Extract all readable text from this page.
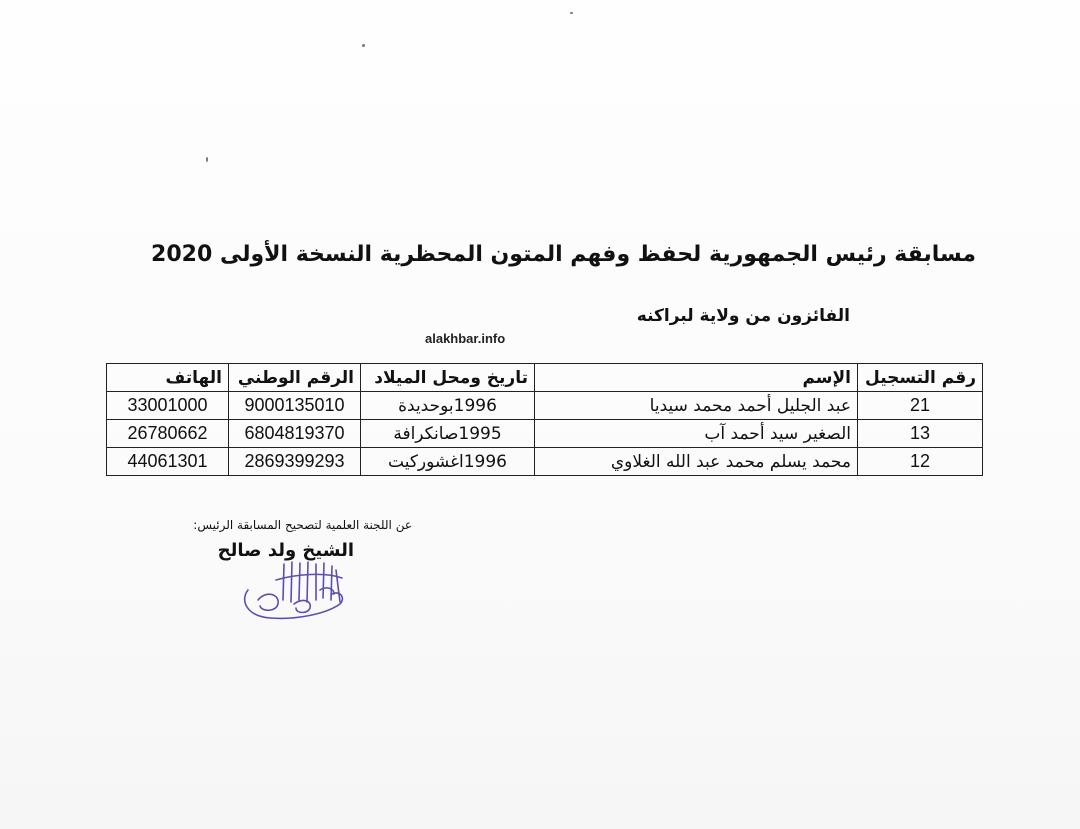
مسابقة رئيس الجمهورية لحفظ وفهم المتون المحظرية النسخة الأولى 2020
الفائزون من ولاية لبراكنه
alakhbar.info
رقم التسجيل	الإسم	تاريخ ومحل الميلاد	الرقم الوطني	الهاتف
21	عبد الجليل أحمد محمد سيديا	1996بوحديدة	9000135010	33001000
13	الصغير سيد أحمد آب	1995صانكرافة	6804819370	26780662
12	محمد يسلم محمد عبد الله الغلاوي	1996اغشوركيت	2869399293	44061301
عن اللجنة العلمية لتصحيح المسابقة الرئيس:
الشيخ ولد صالح
